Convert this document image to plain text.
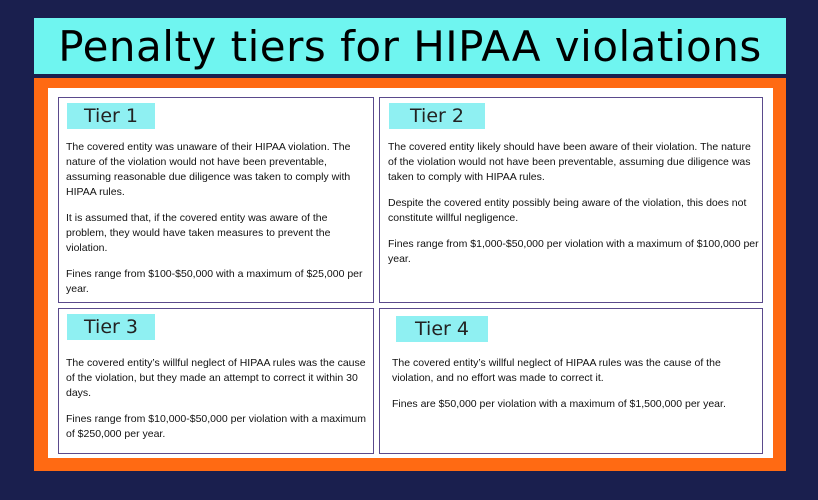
Penalty tiers for HIPAA violations
Tier 1

The covered entity was unaware of their HIPAA violation. The nature of the violation would not have been preventable, assuming reasonable due diligence was taken to comply with HIPAA rules.

It is assumed that, if the covered entity was aware of the problem, they would have taken measures to prevent the violation.

Fines range from $100-$50,000 with a maximum of $25,000 per year.

Tier 2

The covered entity likely should have been aware of their violation. The nature of the violation would not have been preventable, assuming due diligence was taken to comply with HIPAA rules.

Despite the covered entity possibly being aware of the violation, this does not constitute willful negligence.

Fines range from $1,000-$50,000 per violation with a maximum of $100,000 per year.

Tier 3

The covered entity’s willful neglect of HIPAA rules was the cause of the violation, but they made an attempt to correct it within 30 days.

Fines range from $10,000-$50,000 per violation with a maximum of $250,000 per year.

Tier 4

The covered entity’s willful neglect of HIPAA rules was the cause of the violation, and no effort was made to correct it.

Fines are $50,000 per violation with a maximum of $1,500,000 per year.
